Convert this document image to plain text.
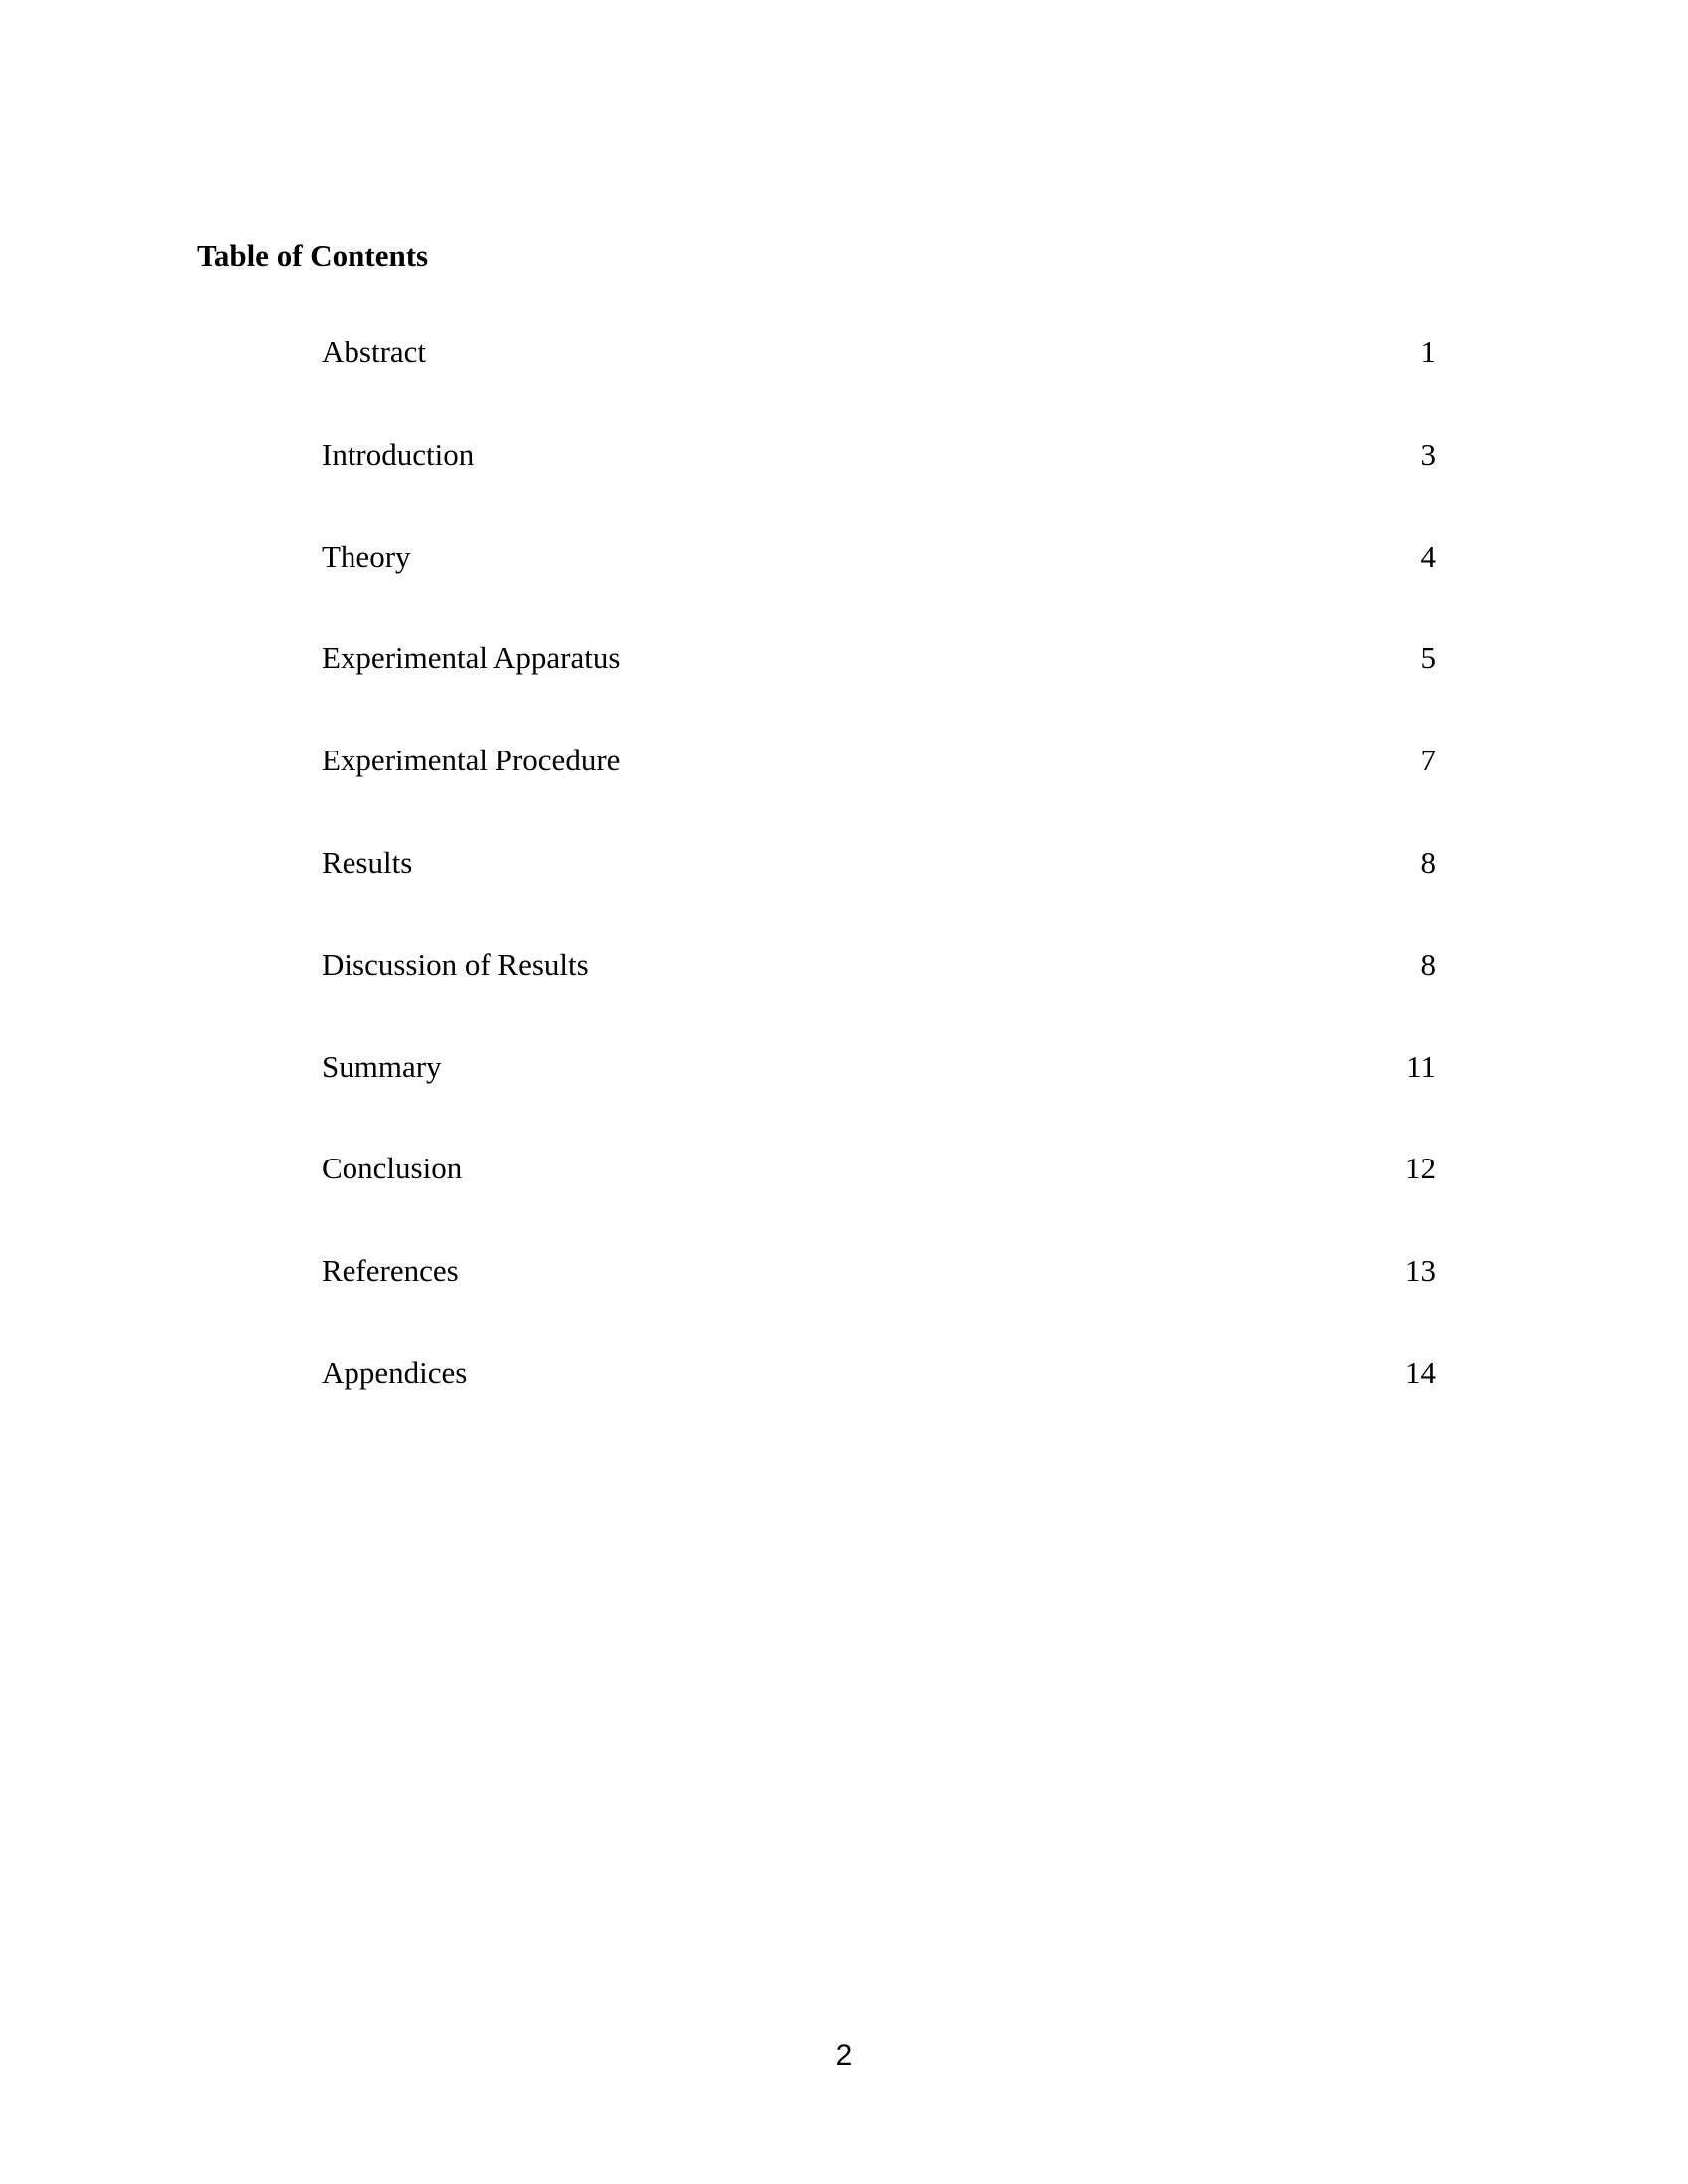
Table of Contents
Abstract	1
Introduction	3
Theory	4
Experimental Apparatus	5
Experimental Procedure	7
Results	8
Discussion of Results	8
Summary	11
Conclusion	12
References	13
Appendices	14
2
